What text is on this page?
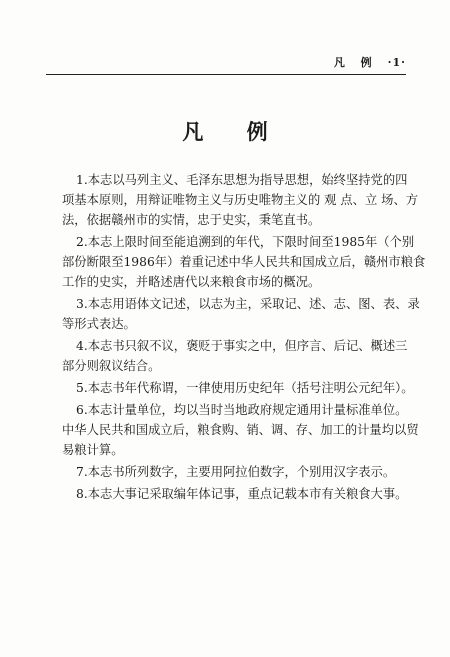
凡 例 ·1·
凡 例
1.本志以马列主义、毛泽东思想为指导思想，始终坚持党的四
项基本原则，用辩证唯物主义与历史唯物主义的 观 点、立 场、方
法，依据赣州市的实情，忠于史实，秉笔直书。
2.本志上限时间至能追溯到的年代，下限时间至1985年（个别
部份断限至1986年）着重记述中华人民共和国成立后，赣州市粮食
工作的史实，并略述唐代以来粮食市场的概况。
3.本志用语体文记述，以志为主，采取记、述、志、图、表、录
等形式表达。
4.本志书只叙不议，褒贬于事实之中，但序言、后记、概述三
部分则叙议结合。
5.本志书年代称谓，一律使用历史纪年（括号注明公元纪年）。
6.本志计量单位，均以当时当地政府规定通用计量标准单位。
中华人民共和国成立后，粮食购、销、调、存、加工的计量均以贸
易粮计算。
7.本志书所列数字，主要用阿拉伯数字，个别用汉字表示。
8.本志大事记采取编年体记事，重点记载本市有关粮食大事。
